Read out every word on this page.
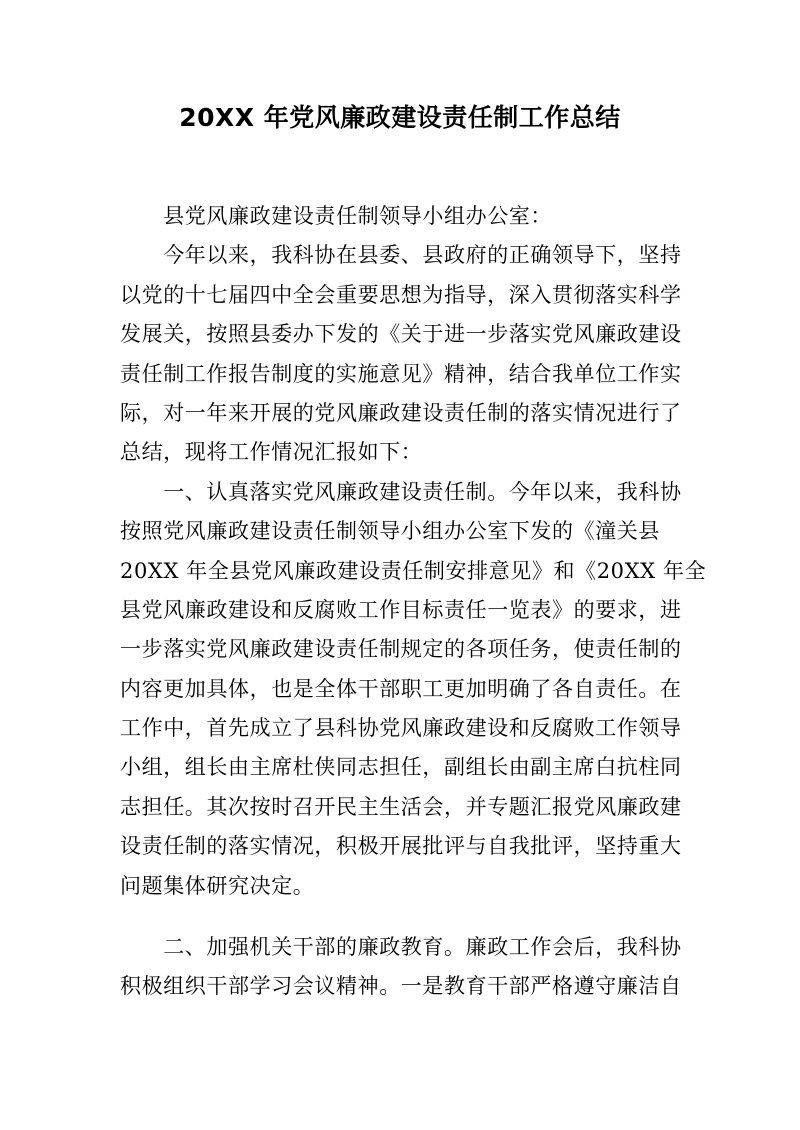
20XX 年党风廉政建设责任制工作总结
　　县党风廉政建设责任制领导小组办公室：
　　今年以来，我科协在县委、县政府的正确领导下，坚持
以党的十七届四中全会重要思想为指导，深入贯彻落实科学
发展关，按照县委办下发的《关于进一步落实党风廉政建设
责任制工作报告制度的实施意见》精神，结合我单位工作实
际，对一年来开展的党风廉政建设责任制的落实情况进行了
总结，现将工作情况汇报如下：
　　一、认真落实党风廉政建设责任制。今年以来，我科协
按照党风廉政建设责任制领导小组办公室下发的《潼关县
20XX 年全县党风廉政建设责任制安排意见》和《20XX 年全
县党风廉政建设和反腐败工作目标责任一览表》的要求，进
一步落实党风廉政建设责任制规定的各项任务，使责任制的
内容更加具体，也是全体干部职工更加明确了各自责任。在
工作中，首先成立了县科协党风廉政建设和反腐败工作领导
小组，组长由主席杜侠同志担任，副组长由副主席白抗柱同
志担任。其次按时召开民主生活会，并专题汇报党风廉政建
设责任制的落实情况，积极开展批评与自我批评，坚持重大
问题集体研究决定。
　　二、加强机关干部的廉政教育。廉政工作会后，我科协
积极组织干部学习会议精神。一是教育干部严格遵守廉洁自
